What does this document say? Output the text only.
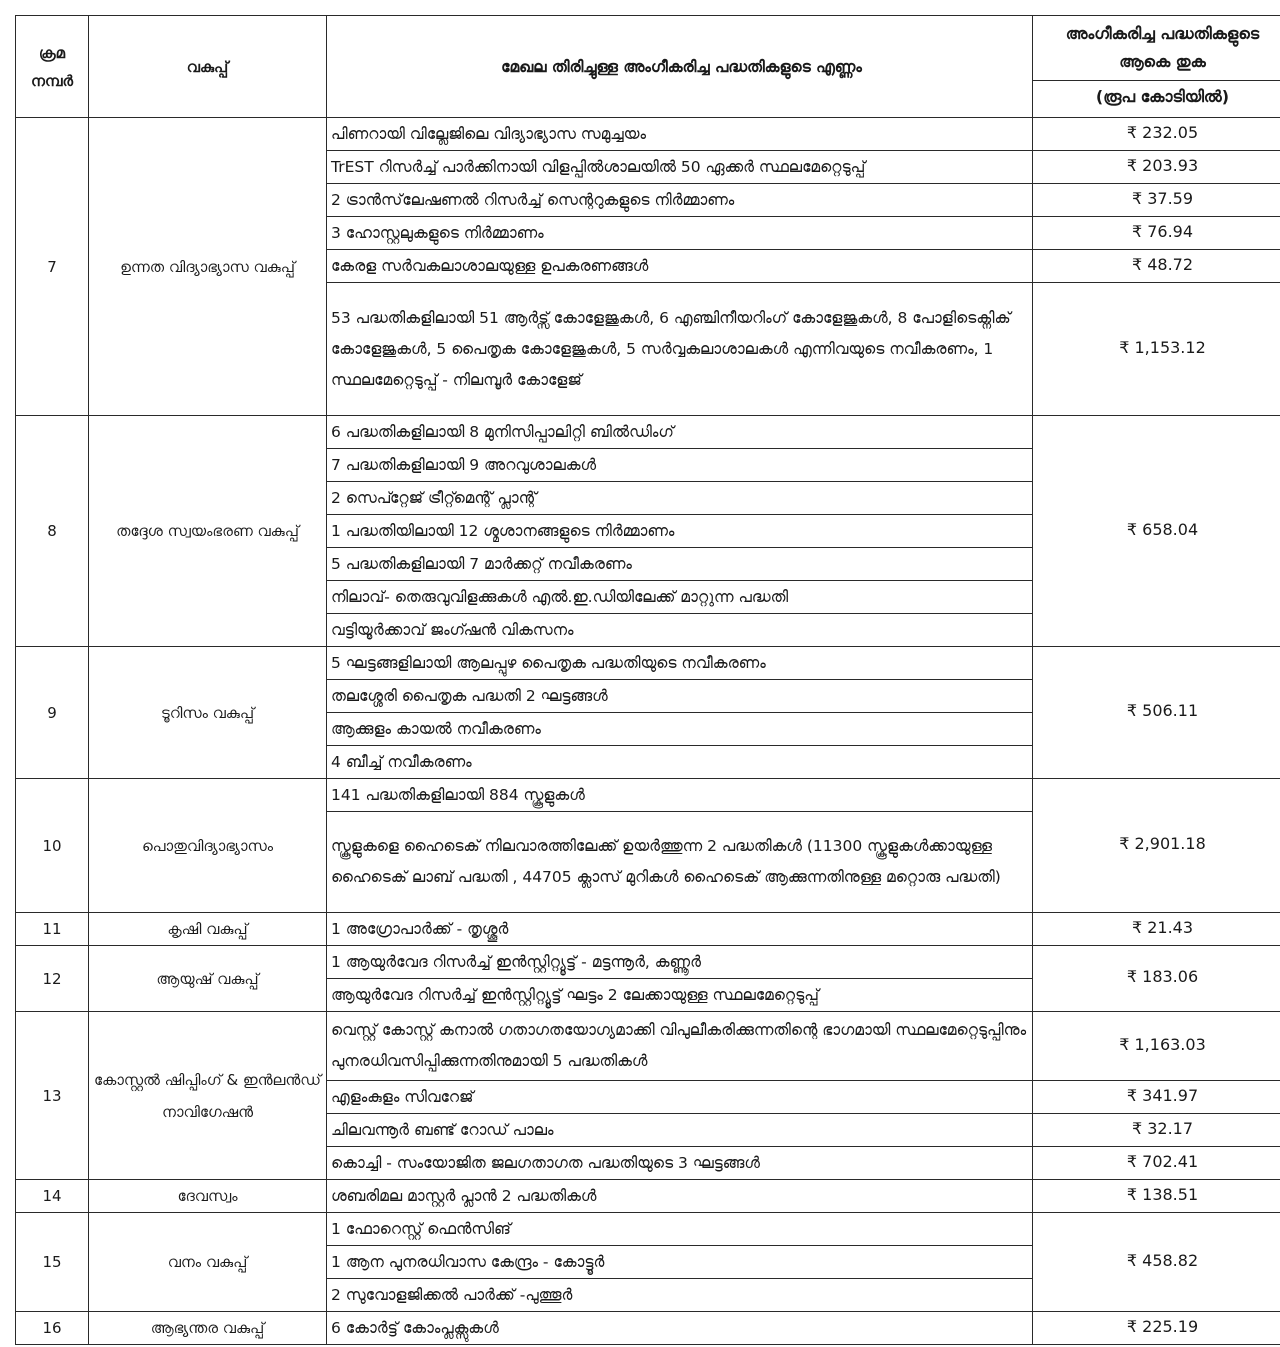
ക്രമ നമ്പർ	വകുപ്പ്	മേഖല തിരിച്ചുള്ള അംഗീകരിച്ച പദ്ധതികളുടെ എണ്ണം	അംഗീകരിച്ച പദ്ധതികളുടെ ആകെ തുക
			(രൂപ കോടിയിൽ)
7	ഉന്നത വിദ്യാഭ്യാസ വകുപ്പ്	പിണറായി വില്ലേജിലെ വിദ്യാഭ്യാസ സമുച്ചയം	₹ 232.05
		TrEST റിസർച്ച് പാർക്കിനായി വിളപ്പിൽശാലയിൽ 50 ഏക്കർ സ്ഥലമേറ്റെടുപ്പ്	₹ 203.93
		2 ട്രാൻസ്‌ലേഷണൽ റിസർച്ച് സെന്ററുകളുടെ നിർമ്മാണം	₹ 37.59
		3 ഹോസ്റ്റലുകളുടെ നിർമ്മാണം	₹ 76.94
		കേരള സർവകലാശാലയുള്ള ഉപകരണങ്ങൾ	₹ 48.72
		53 പദ്ധതികളിലായി 51 ആർട്സ് കോളേജുകൾ, 6 എഞ്ചിനീയറിംഗ് കോളേജുകൾ, 8 പോളിടെക്നിക് കോളേജുകൾ, 5 പൈതൃക കോളേജുകൾ, 5 സർവ്വകലാശാലകൾ എന്നിവയുടെ നവീകരണം, 1 സ്ഥലമേറ്റെടുപ്പ് - നിലമ്പൂർ കോളേജ്	₹ 1,153.12
8	തദ്ദേശ സ്വയംഭരണ വകുപ്പ്	6 പദ്ധതികളിലായി 8 മുനിസിപ്പാലിറ്റി ബിൽഡിംഗ്	₹ 658.04
		7 പദ്ധതികളിലായി 9 അറവുശാലകൾ	
		2 സെപ്റ്റേജ് ട്രീറ്റ്മെന്റ് പ്ലാന്റ്	
		1 പദ്ധതിയിലായി 12 ശ്മശാനങ്ങളുടെ നിർമ്മാണം	
		5 പദ്ധതികളിലായി 7 മാർക്കറ്റ് നവീകരണം	
		നിലാവ്- തെരുവുവിളക്കുകൾ എൽ.ഇ.ഡിയിലേക്ക് മാറ്റുന്ന പദ്ധതി	
		വട്ടിയൂർക്കാവ് ജംഗ്ഷൻ വികസനം	
9	ടൂറിസം വകുപ്പ്	5 ഘട്ടങ്ങളിലായി ആലപ്പുഴ പൈതൃക പദ്ധതിയുടെ നവീകരണം	₹ 506.11
		തലശ്ശേരി പൈതൃക പദ്ധതി 2 ഘട്ടങ്ങൾ	
		ആക്കുളം കായൽ നവീകരണം	
		4 ബീച്ച് നവീകരണം	
10	പൊതുവിദ്യാഭ്യാസം	141 പദ്ധതികളിലായി 884 സ്കൂളുകൾ	₹ 2,901.18
		സ്കൂളുകളെ ഹൈടെക് നിലവാരത്തിലേക്ക് ഉയർത്തുന്ന 2 പദ്ധതികൾ (11300 സ്കൂളുകൾക്കായുള്ള ഹൈടെക് ലാബ് പദ്ധതി , 44705 ക്ലാസ് മുറികൾ ഹൈടെക് ആക്കുന്നതിനുള്ള മറ്റൊരു പദ്ധതി)	
11	കൃഷി വകുപ്പ്	1 അഗ്രോപാർക്ക് - തൃശ്ശൂർ	₹ 21.43
12	ആയുഷ് വകുപ്പ്	1 ആയുർവേദ റിസർച്ച് ഇൻസ്റ്റിറ്റ്യൂട്ട് - മട്ടന്നൂർ, കണ്ണൂർ	₹ 183.06
		ആയുർവേദ റിസർച്ച് ഇൻസ്റ്റിറ്റ്യൂട്ട് ഘട്ടം 2 ലേക്കായുള്ള സ്ഥലമേറ്റെടുപ്പ്	
13	കോസ്റ്റൽ ഷിപ്പിംഗ് & ഇൻലൻഡ് നാവിഗേഷൻ	വെസ്റ്റ് കോസ്റ്റ് കനാൽ ഗതാഗതയോഗ്യമാക്കി വിപുലീകരിക്കുന്നതിന്റെ ഭാഗമായി സ്ഥലമേറ്റെടുപ്പിനും പുനരധിവസിപ്പിക്കുന്നതിനുമായി 5 പദ്ധതികൾ	₹ 1,163.03
		എളംകുളം സിവറേജ്	₹ 341.97
		ചിലവന്നൂർ ബണ്ട് റോഡ് പാലം	₹ 32.17
		കൊച്ചി - സംയോജിത ജലഗതാഗത പദ്ധതിയുടെ 3 ഘട്ടങ്ങൾ	₹ 702.41
14	ദേവസ്വം	ശബരിമല മാസ്റ്റർ പ്ലാൻ 2 പദ്ധതികൾ	₹ 138.51
15	വനം വകുപ്പ്	1 ഫോറെസ്റ്റ് ഫെൻസിങ്	₹ 458.82
		1 ആന പുനരധിവാസ കേന്ദ്രം - കോട്ടൂർ	
		2 സുവോളജിക്കൽ പാർക്ക് -പുത്തൂർ	
16	ആഭ്യന്തര വകുപ്പ്	6 കോർട്ട് കോംപ്ലക്സുകൾ	₹ 225.19
